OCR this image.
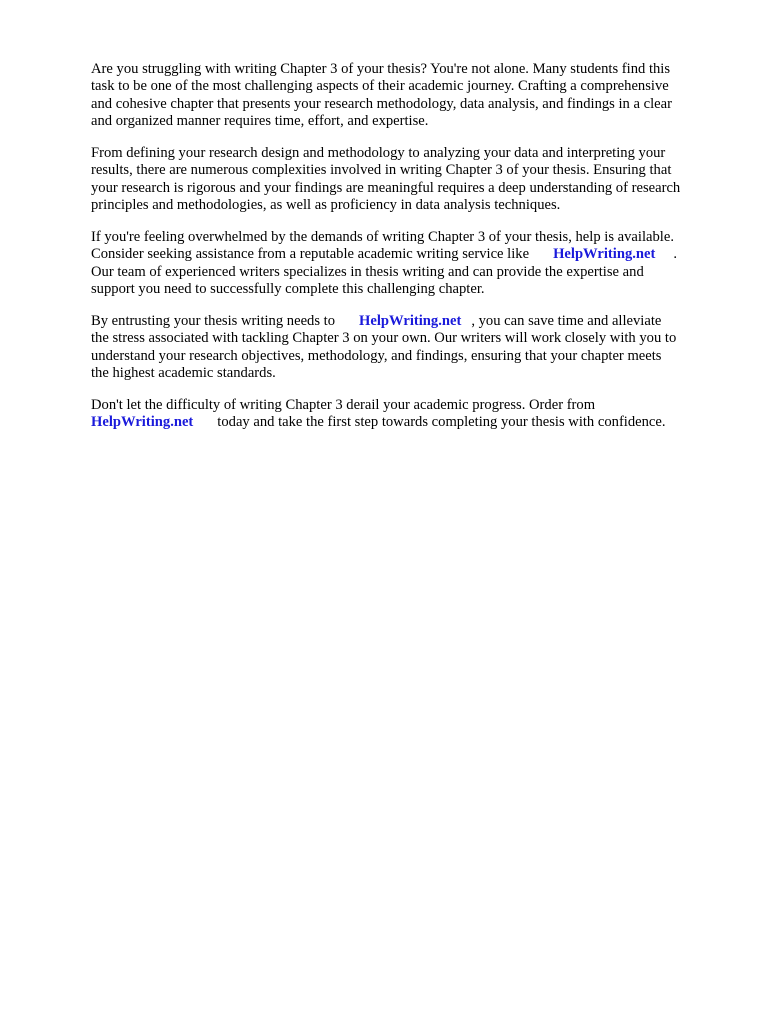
Are you struggling with writing Chapter 3 of your thesis? You're not alone. Many students find this
task to be one of the most challenging aspects of their academic journey. Crafting a comprehensive
and cohesive chapter that presents your research methodology, data analysis, and findings in a clear
and organized manner requires time, effort, and expertise.

From defining your research design and methodology to analyzing your data and interpreting your
results, there are numerous complexities involved in writing Chapter 3 of your thesis. Ensuring that
your research is rigorous and your findings are meaningful requires a deep understanding of research
principles and methodologies, as well as proficiency in data analysis techniques.

If you're feeling overwhelmed by the demands of writing Chapter 3 of your thesis, help is available.
Consider seeking assistance from a reputable academic writing service like HelpWriting.net .
Our team of experienced writers specializes in thesis writing and can provide the expertise and
support you need to successfully complete this challenging chapter.

By entrusting your thesis writing needs to HelpWriting.net , you can save time and alleviate
the stress associated with tackling Chapter 3 on your own. Our writers will work closely with you to
understand your research objectives, methodology, and findings, ensuring that your chapter meets
the highest academic standards.

Don't let the difficulty of writing Chapter 3 derail your academic progress. Order from
HelpWriting.net today and take the first step towards completing your thesis with confidence.
